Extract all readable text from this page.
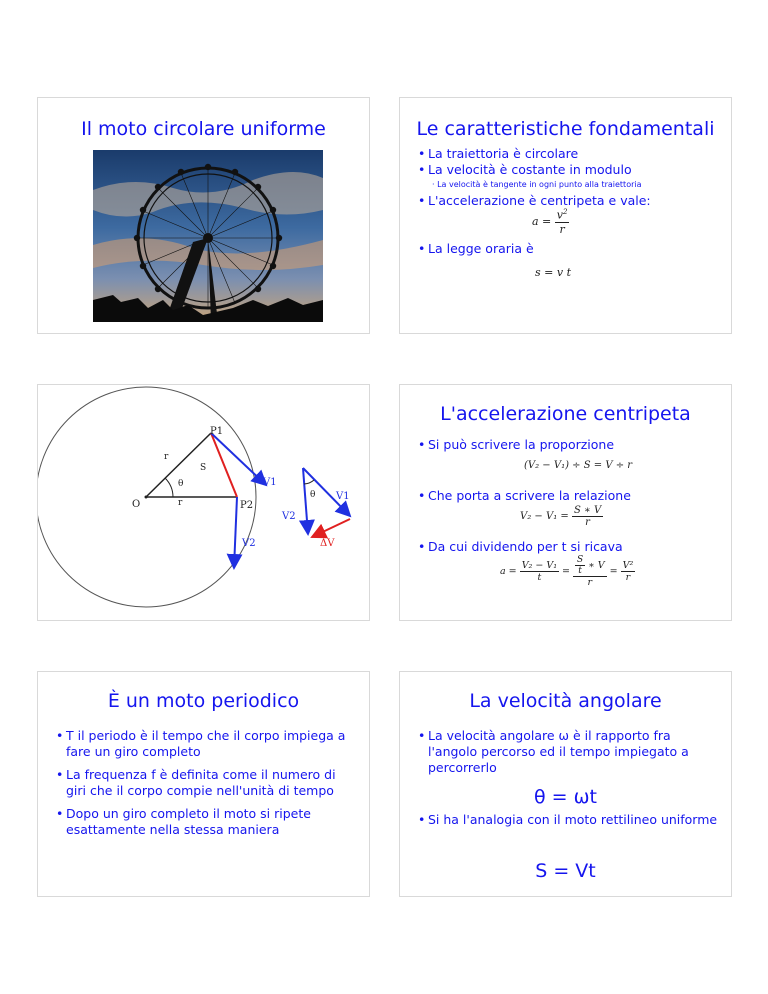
Il moto circolare uniforme	Le caratteristiche fondamentali
• La traiettoria è circolare
• La velocità è costante in modulo
· La velocità è tangente in ogni punto alla traiettoria
• L'accelerazione è centripeta e vale:
$a = \frac{v^2}{r}$
• La legge oraria è
s = v t
P1
P2
O
r
r
S
θ
θ
V1
V2
V1
V2
ΔV
L'accelerazione centripeta
• Si può scrivere la proporzione
(V₂ − V₁) ÷ S = V ÷ r
• Che porta a scrivere la relazione
$V_2 - V_1 = \frac{S ∗ V}{r}$
• Da cui dividendo per t si ricava
$a = \frac{\text{V₂ − V₁}}{t} = \frac{\frac{S}{t} ∗ V}{r} = \frac{\text{V²}}{r}$
È un moto periodico
• T il periodo è il tempo che il corpo impiega a fare un giro completo
• La frequenza f è definita come il numero di giri che il corpo compie nell'unità di tempo
• Dopo un giro completo il moto si ripete esattamente nella stessa maniera
La velocità angolare
• La velocità angolare ω è il rapporto fra l'angolo percorso ed il tempo impiegato a percorrerlo
θ = ωt
• Si ha l'analogia con il moto rettilineo uniforme
S = Vt
